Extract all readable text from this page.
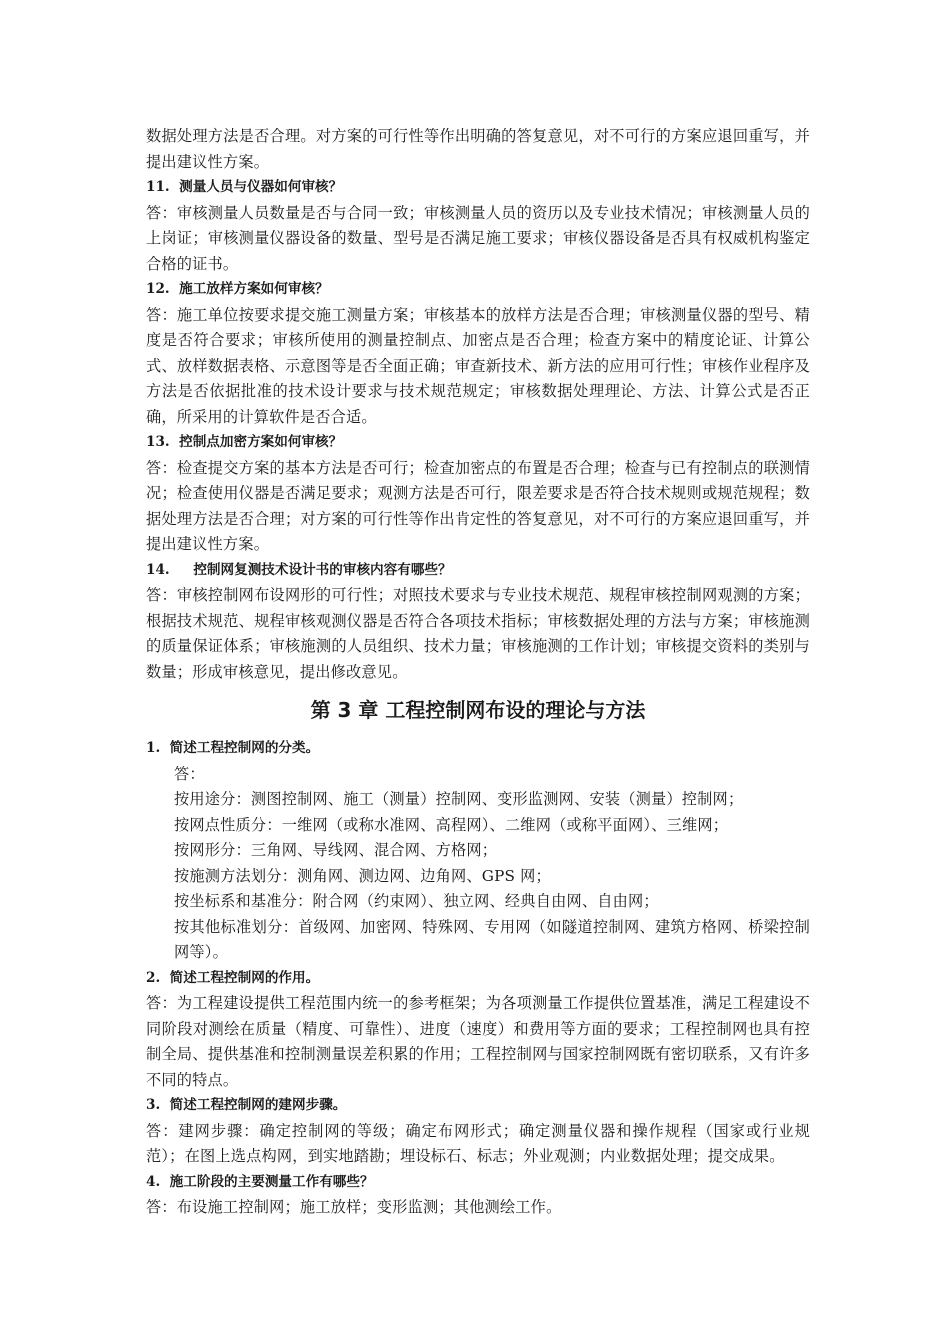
数据处理方法是否合理。对方案的可行性等作出明确的答复意见，对不可行的方案应退回重写，并提出建议性方案。

11. 测量人员与仪器如何审核？

答：审核测量人员数量是否与合同一致；审核测量人员的资历以及专业技术情况；审核测量人员的上岗证；审核测量仪器设备的数量、型号是否满足施工要求；审核仪器设备是否具有权威机构鉴定合格的证书。

12. 施工放样方案如何审核？

答：施工单位按要求提交施工测量方案；审核基本的放样方法是否合理；审核测量仪器的型号、精度是否符合要求；审核所使用的测量控制点、加密点是否合理；检查方案中的精度论证、计算公式、放样数据表格、示意图等是否全面正确；审查新技术、新方法的应用可行性；审核作业程序及方法是否依据批准的技术设计要求与技术规范规定；审核数据处理理论、方法、计算公式是否正确，所采用的计算软件是否合适。

13. 控制点加密方案如何审核？

答：检查提交方案的基本方法是否可行；检查加密点的布置是否合理；检查与已有控制点的联测情况；检查使用仪器是否满足要求；观测方法是否可行，限差要求是否符合技术规则或规范规程；数据处理方法是否合理；对方案的可行性等作出肯定性的答复意见，对不可行的方案应退回重写，并提出建议性方案。

14. 控制网复测技术设计书的审核内容有哪些？

答：审核控制网布设网形的可行性；对照技术要求与专业技术规范、规程审核控制网观测的方案；根据技术规范、规程审核观测仪器是否符合各项技术指标；审核数据处理的方法与方案；审核施测的质量保证体系；审核施测的人员组织、技术力量；审核施测的工作计划；审核提交资料的类别与数量；形成审核意见，提出修改意见。

第 3 章 工程控制网布设的理论与方法

1. 简述工程控制网的分类。

答：

按用途分：测图控制网、施工（测量）控制网、变形监测网、安装（测量）控制网；

按网点性质分：一维网（或称水准网、高程网）、二维网（或称平面网）、三维网；

按网形分：三角网、导线网、混合网、方格网；

按施测方法划分：测角网、测边网、边角网、GPS 网；

按坐标系和基准分：附合网（约束网）、独立网、经典自由网、自由网；

按其他标准划分：首级网、加密网、特殊网、专用网（如隧道控制网、建筑方格网、桥梁控制网等）。

2. 简述工程控制网的作用。

答：为工程建设提供工程范围内统一的参考框架；为各项测量工作提供位置基准，满足工程建设不同阶段对测绘在质量（精度、可靠性）、进度（速度）和费用等方面的要求；工程控制网也具有控制全局、提供基准和控制测量误差积累的作用；工程控制网与国家控制网既有密切联系，又有许多不同的特点。

3. 简述工程控制网的建网步骤。

答：建网步骤：确定控制网的等级；确定布网形式；确定测量仪器和操作规程（国家或行业规范）；在图上选点构网，到实地踏勘；埋设标石、标志；外业观测；内业数据处理；提交成果。

4. 施工阶段的主要测量工作有哪些？

答：布设施工控制网；施工放样；变形监测；其他测绘工作。
